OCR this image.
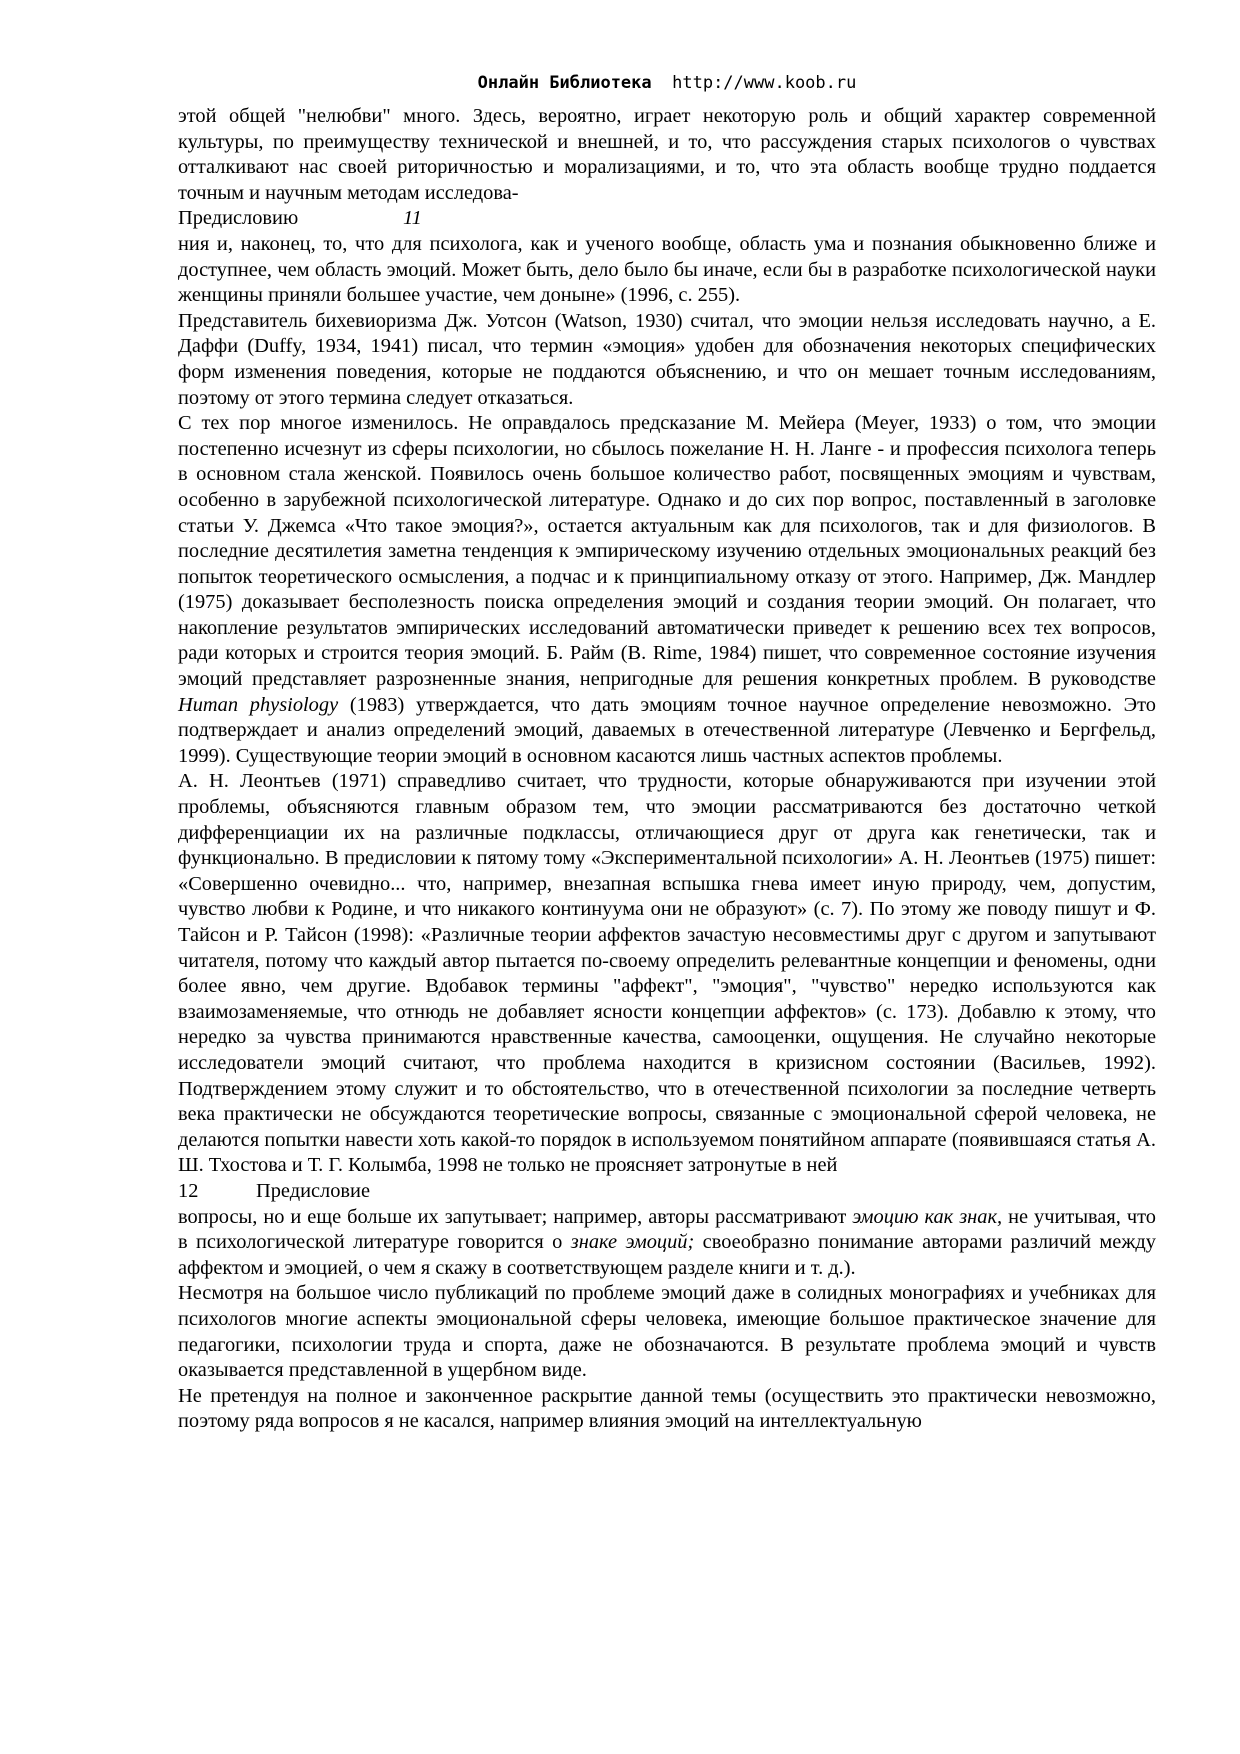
Онлайн Библиотека http://www.koob.ru

этой общей "нелюбви" много. Здесь, вероятно, играет некоторую роль и общий характер современной культуры, по преимуществу технической и внешней, и то, что рассуждения старых психологов о чувствах отталкивают нас своей риторичностью и морализациями, и то, что эта область вообще трудно поддается точным и научным методам исследова-

Предисловию	11

ния и, наконец, то, что для психолога, как и ученого вообще, область ума и познания обыкновенно ближе и доступнее, чем область эмоций. Может быть, дело было бы иначе, если бы в разработке психологической науки женщины приняли большее участие, чем доныне» (1996, с. 255).

Представитель бихевиоризма Дж. Уотсон (Watson, 1930) считал, что эмоции нельзя исследовать научно, а Е. Даффи (Duffy, 1934, 1941) писал, что термин «эмоция» удобен для обозначения некоторых специфических форм изменения поведения, которые не поддаются объяснению, и что он мешает точным исследованиям, поэтому от этого термина следует отказаться.

С тех пор многое изменилось. Не оправдалось предсказание М. Мейера (Meyer, 1933) о том, что эмоции постепенно исчезнут из сферы психологии, но сбылось пожелание Н. Н. Ланге - и профессия психолога теперь в основном стала женской. Появилось очень большое количество работ, посвященных эмоциям и чувствам, особенно в зарубежной психологической литературе. Однако и до сих пор вопрос, поставленный в заголовке статьи У. Джемса «Что такое эмоция?», остается актуальным как для психологов, так и для физиологов. В последние десятилетия заметна тенденция к эмпирическому изучению отдельных эмоциональных реакций без попыток теоретического осмысления, а подчас и к принципиальному отказу от этого. Например, Дж. Мандлер (1975) доказывает бесполезность поиска определения эмоций и создания теории эмоций. Он полагает, что накопление результатов эмпирических исследований автоматически приведет к решению всех тех вопросов, ради которых и строится теория эмоций. Б. Райм (B. Rime, 1984) пишет, что современное состояние изучения эмоций представляет разрозненные знания, непригодные для решения конкретных проблем. В руководстве Human physiology (1983) утверждается, что дать эмоциям точное научное определение невозможно. Это подтверждает и анализ определений эмоций, даваемых в отечественной литературе (Левченко и Бергфельд, 1999). Существующие теории эмоций в основном касаются лишь частных аспектов проблемы.

А. Н. Леонтьев (1971) справедливо считает, что трудности, которые обнаруживаются при изучении этой проблемы, объясняются главным образом тем, что эмоции рассматриваются без достаточно четкой дифференциации их на различные подклассы, отличающиеся друг от друга как генетически, так и функционально. В предисловии к пятому тому «Экспериментальной психологии» А. Н. Леонтьев (1975) пишет: «Совершенно очевидно... что, например, внезапная вспышка гнева имеет иную природу, чем, допустим, чувство любви к Родине, и что никакого континуума они не образуют» (с. 7). По этому же поводу пишут и Ф. Тайсон и Р. Тайсон (1998): «Различные теории аффектов зачастую несовместимы друг с другом и запутывают читателя, потому что каждый автор пытается по-своему определить релевантные концепции и феномены, одни более явно, чем другие. Вдобавок термины "аффект", "эмоция", "чувство" нередко используются как взаимозаменяемые, что отнюдь не добавляет ясности концепции аффектов» (с. 173). Добавлю к этому, что нередко за чувства принимаются нравственные качества, самооценки, ощущения. Не случайно некоторые исследователи эмоций считают, что проблема находится в кризисном состоянии (Васильев, 1992). Подтверждением этому служит и то обстоятельство, что в отечественной психологии за последние четверть века практически не обсуждаются теоретические вопросы, связанные с эмоциональной сферой человека, не делаются попытки навести хоть какой-то порядок в используемом понятийном аппарате (появившаяся статья А. Ш. Тхостова и Т. Г. Колымба, 1998 не только не проясняет затронутые в ней

12	Предисловие

вопросы, но и еще больше их запутывает; например, авторы рассматривают эмоцию как знак, не учитывая, что в психологической литературе говорится о знаке эмоций; своеобразно понимание авторами различий между аффектом и эмоцией, о чем я скажу в соответствующем разделе книги и т. д.).

Несмотря на большое число публикаций по проблеме эмоций даже в солидных монографиях и учебниках для психологов многие аспекты эмоциональной сферы человека, имеющие большое практическое значение для педагогики, психологии труда и спорта, даже не обозначаются. В результате проблема эмоций и чувств оказывается представленной в ущербном виде.

Не претендуя на полное и законченное раскрытие данной темы (осуществить это практически невозможно, поэтому ряда вопросов я не касался, например влияния эмоций на интеллектуальную
